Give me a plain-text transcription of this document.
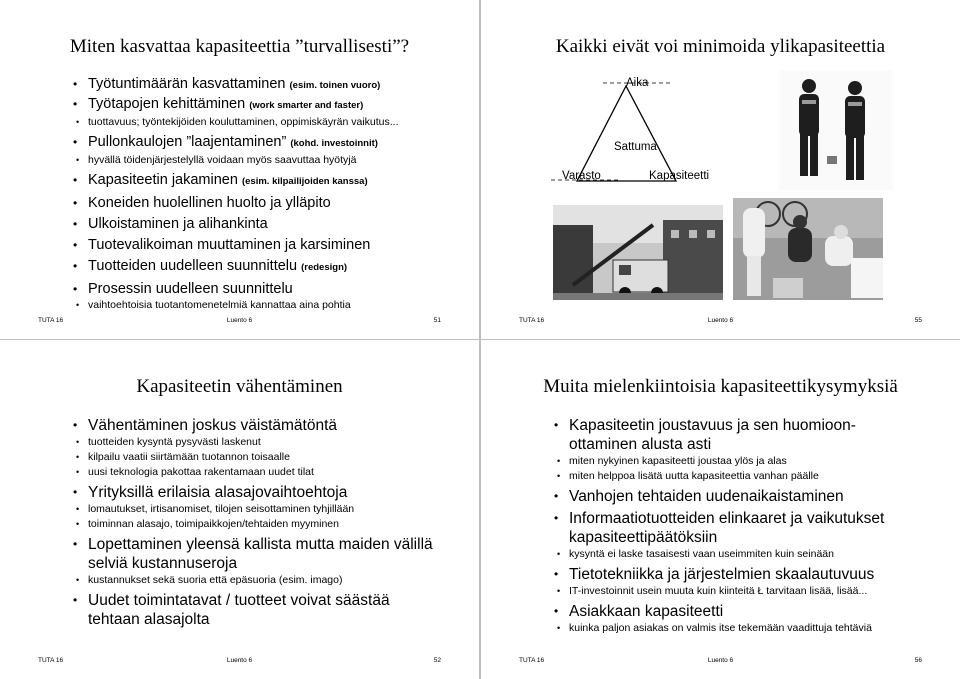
Miten kasvattaa kapasiteettia ”turvallisesti”?
• Työtuntimäärän kasvattaminen (esim. toinen vuoro)
• Työtapojen kehittäminen (work smarter and faster)
• tuottavuus; työntekijöiden kouluttaminen, oppimiskäyrän vaikutus...
• Pullonkaulojen ”laajentaminen” (kohd. investoinnit)
• hyvällä töidenjärjestelyllä voidaan myös saavuttaa hyötyjä
• Kapasiteetin jakaminen (esim. kilpailijoiden kanssa)
• Koneiden huolellinen huolto ja ylläpito
• Ulkoistaminen ja alihankinta
• Tuotevalikoiman muuttaminen ja karsiminen
• Tuotteiden uudelleen suunnittelu (redesign)
• Prosessin uudelleen suunnittelu
• vaihtoehtoisia tuotantomenetelmiä kannattaa aina pohtia
TUTA 16	Luento 6	51
Kaikki eivät voi minimoida ylikapasiteettia
Aika
Sattuma
Varasto	Kapasiteetti
TUTA 16	Luento 6	55
Kapasiteetin vähentäminen
• Vähentäminen joskus väistämätöntä
• tuotteiden kysyntä pysyvästi laskenut
• kilpailu vaatii siirtämään tuotannon toisaalle
• uusi teknologia pakottaa rakentamaan uudet tilat
• Yrityksillä erilaisia alasajovaihtoehtoja
• lomautukset, irtisanomiset, tilojen seisottaminen tyhjillään
• toiminnan alasajo, toimipaikkojen/tehtaiden myyminen
• Lopettaminen yleensä kallista mutta maiden välillä selviä kustannuseroja
• kustannukset sekä suoria että epäsuoria (esim. imago)
• Uudet toimintatavat / tuotteet voivat säästää tehtaan alasajolta
TUTA 16	Luento 6	52
Muita mielenkiintoisia kapasiteettikysymyksiä
• Kapasiteetin joustavuus ja sen huomioon-ottaminen alusta asti
• miten nykyinen kapasiteetti joustaa ylös ja alas
• miten helppoa lisätä uutta kapasiteettia vanhan päälle
• Vanhojen tehtaiden uudenaikaistaminen
• Informaatiotuotteiden elinkaaret ja vaikutukset kapasiteettipäätöksiin
• kysyntä ei laske tasaisesti vaan useimmiten kuin seinään
• Tietotekniikka ja järjestelmien skaalautuvuus
• IT-investoinnit usein muuta kuin kiinteitä Ł tarvitaan lisää, lisää...
• Asiakkaan kapasiteetti
• kuinka paljon asiakas on valmis itse tekemään vaadittuja tehtäviä
TUTA 16	Luento 6	56
